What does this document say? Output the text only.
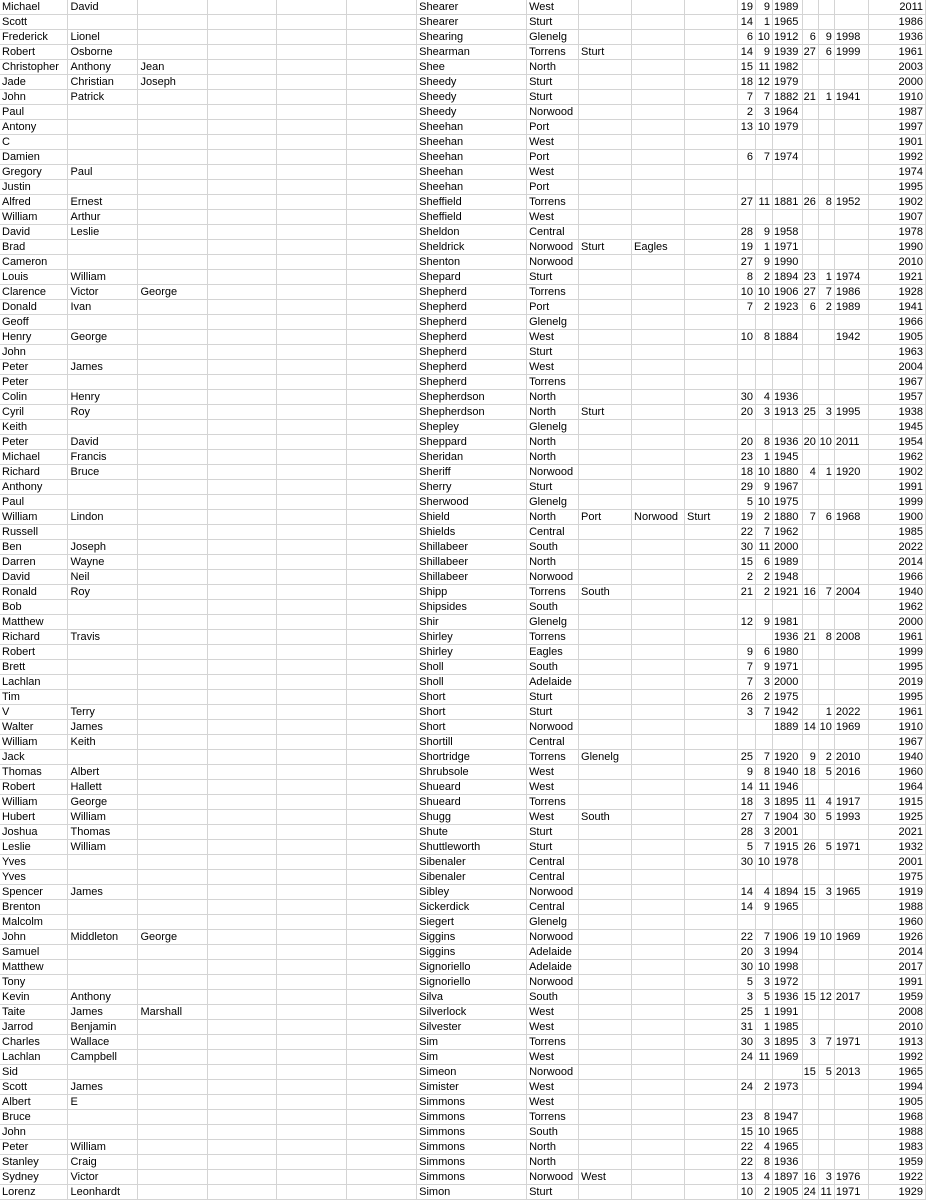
Michael	David					Shearer	West				19	9	1989				2011
Scott						Shearer	Sturt				14	1	1965				1986
Frederick	Lionel					Shearing	Glenelg				6	10	1912	6	9	1998	1936
Robert	Osborne					Shearman	Torrens	Sturt			14	9	1939	27	6	1999	1961
Christopher	Anthony	Jean				Shee	North				15	11	1982				2003
Jade	Christian	Joseph				Sheedy	Sturt				18	12	1979				2000
John	Patrick					Sheedy	Sturt				7	7	1882	21	1	1941	1910
Paul						Sheedy	Norwood				2	3	1964				1987
Antony						Sheehan	Port				13	10	1979				1997
C						Sheehan	West										1901
Damien						Sheehan	Port				6	7	1974				1992
Gregory	Paul					Sheehan	West										1974
Justin						Sheehan	Port										1995
Alfred	Ernest					Sheffield	Torrens				27	11	1881	26	8	1952	1902
William	Arthur					Sheffield	West										1907
David	Leslie					Sheldon	Central				28	9	1958				1978
Brad						Sheldrick	Norwood	Sturt	Eagles		19	1	1971				1990
Cameron						Shenton	Norwood				27	9	1990				2010
Louis	William					Shepard	Sturt				8	2	1894	23	1	1974	1921
Clarence	Victor	George				Shepherd	Torrens				10	10	1906	27	7	1986	1928
Donald	Ivan					Shepherd	Port				7	2	1923	6	2	1989	1941
Geoff						Shepherd	Glenelg										1966
Henry	George					Shepherd	West				10	8	1884			1942	1905
John						Shepherd	Sturt										1963
Peter	James					Shepherd	West										2004
Peter						Shepherd	Torrens										1967
Colin	Henry					Shepherdson	North				30	4	1936				1957
Cyril	Roy					Shepherdson	North	Sturt			20	3	1913	25	3	1995	1938
Keith						Shepley	Glenelg										1945
Peter	David					Sheppard	North				20	8	1936	20	10	2011	1954
Michael	Francis					Sheridan	North				23	1	1945				1962
Richard	Bruce					Sheriff	Norwood				18	10	1880	4	1	1920	1902
Anthony						Sherry	Sturt				29	9	1967				1991
Paul						Sherwood	Glenelg				5	10	1975				1999
William	Lindon					Shield	North	Port	Norwood	Sturt	19	2	1880	7	6	1968	1900
Russell						Shields	Central				22	7	1962				1985
Ben	Joseph					Shillabeer	South				30	11	2000				2022
Darren	Wayne					Shillabeer	North				15	6	1989				2014
David	Neil					Shillabeer	Norwood				2	2	1948				1966
Ronald	Roy					Shipp	Torrens	South			21	2	1921	16	7	2004	1940
Bob						Shipsides	South										1962
Matthew						Shir	Glenelg				12	9	1981				2000
Richard	Travis					Shirley	Torrens						1936	21	8	2008	1961
Robert						Shirley	Eagles				9	6	1980				1999
Brett						Sholl	South				7	9	1971				1995
Lachlan						Sholl	Adelaide				7	3	2000				2019
Tim						Short	Sturt				26	2	1975				1995
V	Terry					Short	Sturt				3	7	1942		1	2022	1961
Walter	James					Short	Norwood						1889	14	10	1969	1910
William	Keith					Shortill	Central										1967
Jack						Shortridge	Torrens	Glenelg			25	7	1920	9	2	2010	1940
Thomas	Albert					Shrubsole	West				9	8	1940	18	5	2016	1960
Robert	Hallett					Shueard	West				14	11	1946				1964
William	George					Shueard	Torrens				18	3	1895	11	4	1917	1915
Hubert	William					Shugg	West	South			27	7	1904	30	5	1993	1925
Joshua	Thomas					Shute	Sturt				28	3	2001				2021
Leslie	William					Shuttleworth	Sturt				5	7	1915	26	5	1971	1932
Yves						Sibenaler	Central				30	10	1978				2001
Yves						Sibenaler	Central										1975
Spencer	James					Sibley	Norwood				14	4	1894	15	3	1965	1919
Brenton						Sickerdick	Central				14	9	1965				1988
Malcolm						Siegert	Glenelg										1960
John	Middleton	George				Siggins	Norwood				22	7	1906	19	10	1969	1926
Samuel						Siggins	Adelaide				20	3	1994				2014
Matthew						Signoriello	Adelaide				30	10	1998				2017
Tony						Signoriello	Norwood				5	3	1972				1991
Kevin	Anthony					Silva	South				3	5	1936	15	12	2017	1959
Taite	James	Marshall				Silverlock	West				25	1	1991				2008
Jarrod	Benjamin					Silvester	West				31	1	1985				2010
Charles	Wallace					Sim	Torrens				30	3	1895	3	7	1971	1913
Lachlan	Campbell					Sim	West				24	11	1969				1992
Sid						Simeon	Norwood							15	5	2013	1965
Scott	James					Simister	West				24	2	1973				1994
Albert	E					Simmons	West										1905
Bruce						Simmons	Torrens				23	8	1947				1968
John						Simmons	South				15	10	1965				1988
Peter	William					Simmons	North				22	4	1965				1983
Stanley	Craig					Simmons	North				22	8	1936				1959
Sydney	Victor					Simmons	Norwood	West			13	4	1897	16	3	1976	1922
Lorenz	Leonhardt					Simon	Sturt				10	2	1905	24	11	1971	1929
